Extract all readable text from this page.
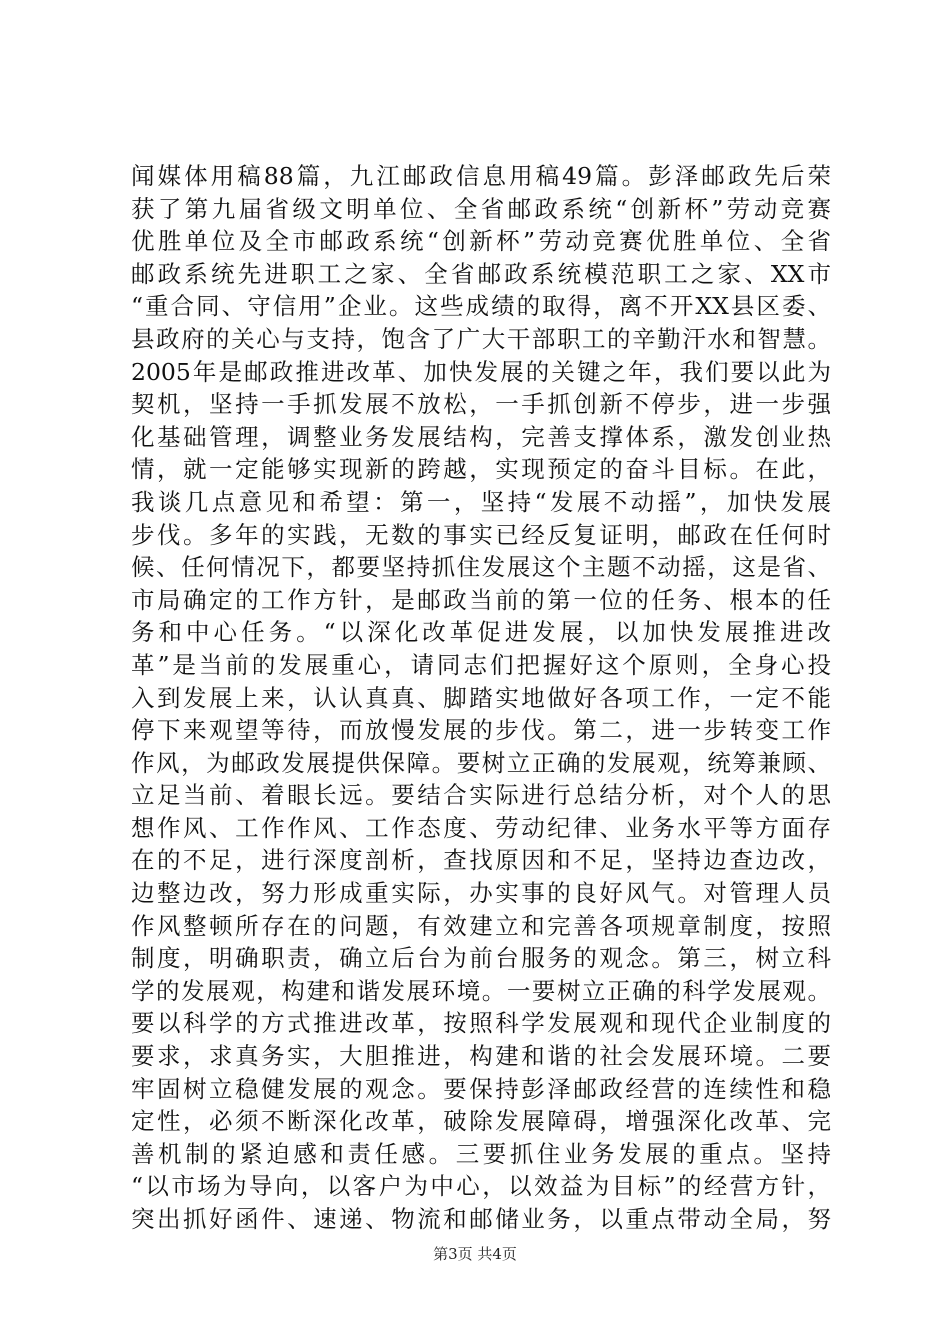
闻媒体用稿88篇，九江邮政信息用稿49篇。彭泽邮政先后荣
获了第九届省级文明单位、全省邮政系统“创新杯”劳动竞赛
优胜单位及全市邮政系统“创新杯”劳动竞赛优胜单位、全省
邮政系统先进职工之家、全省邮政系统模范职工之家、XX市
“重合同、守信用”企业。这些成绩的取得，离不开XX县区委、
县政府的关心与支持，饱含了广大干部职工的辛勤汗水和智慧。
2005年是邮政推进改革、加快发展的关键之年，我们要以此为
契机，坚持一手抓发展不放松，一手抓创新不停步，进一步强
化基础管理，调整业务发展结构，完善支撑体系，激发创业热
情，就一定能够实现新的跨越，实现预定的奋斗目标。在此，
我谈几点意见和希望：第一，坚持“发展不动摇”，加快发展
步伐。多年的实践，无数的事实已经反复证明，邮政在任何时
候、任何情况下，都要坚持抓住发展这个主题不动摇，这是省、
市局确定的工作方针，是邮政当前的第一位的任务、根本的任
务和中心任务。“以深化改革促进发展，以加快发展推进改
革”是当前的发展重心，请同志们把握好这个原则，全身心投
入到发展上来，认认真真、脚踏实地做好各项工作，一定不能
停下来观望等待，而放慢发展的步伐。第二，进一步转变工作
作风，为邮政发展提供保障。要树立正确的发展观，统筹兼顾、
立足当前、着眼长远。要结合实际进行总结分析，对个人的思
想作风、工作作风、工作态度、劳动纪律、业务水平等方面存
在的不足，进行深度剖析，查找原因和不足，坚持边查边改，
边整边改，努力形成重实际，办实事的良好风气。对管理人员
作风整顿所存在的问题，有效建立和完善各项规章制度，按照
制度，明确职责，确立后台为前台服务的观念。第三，树立科
学的发展观，构建和谐发展环境。一要树立正确的科学发展观。
要以科学的方式推进改革，按照科学发展观和现代企业制度的
要求，求真务实，大胆推进，构建和谐的社会发展环境。二要
牢固树立稳健发展的观念。要保持彭泽邮政经营的连续性和稳
定性，必须不断深化改革，破除发展障碍，增强深化改革、完
善机制的紧迫感和责任感。三要抓住业务发展的重点。坚持
“以市场为导向，以客户为中心，以效益为目标”的经营方针，
突出抓好函件、速递、物流和邮储业务，以重点带动全局，努
第3页 共4页
